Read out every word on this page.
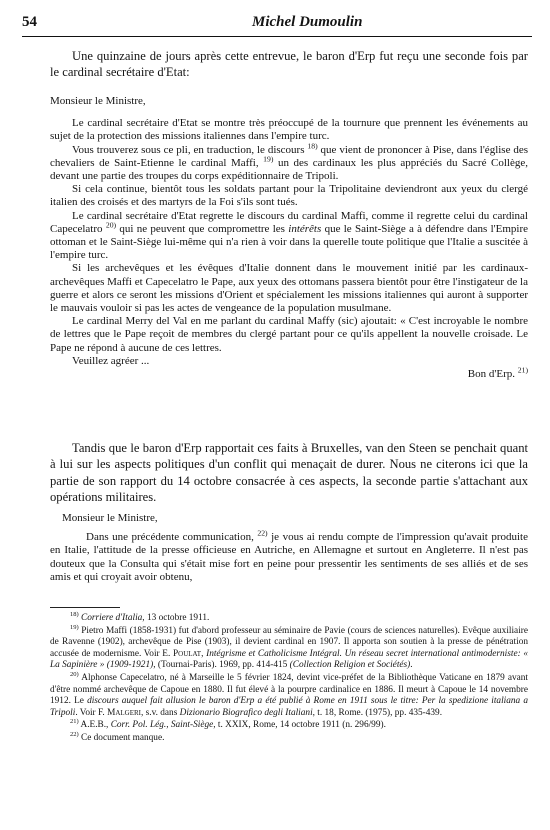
54	Michel Dumoulin

Une quinzaine de jours après cette entrevue, le baron d'Erp fut reçu une seconde fois par le cardinal secrétaire d'Etat:

Monsieur le Ministre,

Le cardinal secrétaire d'Etat se montre très préoccupé de la tournure que prennent les événements au sujet de la protection des missions italiennes dans l'empire turc.

Vous trouverez sous ce pli, en traduction, le discours $^{18)}$ que vient de prononcer à Pise, dans l'église des chevaliers de Saint-Etienne le cardinal Maffi, $^{19)}$ un des cardinaux les plus appréciés du Sacré Collège, devant une partie des troupes du corps expéditionnaire de Tripoli.

Si cela continue, bientôt tous les soldats partant pour la Tripolitaine deviendront aux yeux du clergé italien des croisés et des martyrs de la Foi s'ils sont tués.

Le cardinal secrétaire d'Etat regrette le discours du cardinal Maffi, comme il regrette celui du cardinal Capecelatro $^{20)}$ qui ne peuvent que compromettre les intérêts que le Saint-Siège a à défendre dans l'Empire ottoman et le Saint-Siège lui-même qui n'a rien à voir dans la querelle toute politique que l'Italie a suscitée à l'empire turc.

Si les archevêques et les évêques d'Italie donnent dans le mouvement initié par les cardinaux-archevêques Maffi et Capecelatro le Pape, aux yeux des ottomans passera bientôt pour être l'instigateur de la guerre et alors ce seront les missions d'Orient et spécialement les missions italiennes qui auront à supporter le mauvais vouloir si pas les actes de vengeance de la population musulmane.

Le cardinal Merry del Val en me parlant du cardinal Maffy (sic) ajoutait: « C'est incroyable le nombre de lettres que le Pape reçoit de membres du clergé partant pour ce qu'ils appellent la nouvelle croisade. Le Pape ne répond à aucune de ces lettres.

Veuillez agréer ...

Bon d'Erp. $^{21)}$

Tandis que le baron d'Erp rapportait ces faits à Bruxelles, van den Steen se penchait quant à lui sur les aspects politiques d'un conflit qui menaçait de durer. Nous ne citerons ici que la partie de son rapport du 14 octobre consacrée à ces aspects, la seconde partie s'attachant aux opérations militaires.

Monsieur le Ministre,

Dans une précédente communication, $^{22)}$ je vous ai rendu compte de l'impression qu'avait produite en Italie, l'attitude de la presse officieuse en Autriche, en Allemagne et surtout en Angleterre. Il n'est pas douteux que la Consulta qui s'était mise fort en peine pour pressentir les sentiments de ses alliés et de ses amis et qui croyait avoir obtenu,

$^{18)}$ Corriere d'Italia, 13 octobre 1911.

$^{19)}$ Pietro Maffi (1858-1931) fut d'abord professeur au séminaire de Pavie (cours de sciences naturelles). Evêque auxiliaire de Ravenne (1902), archevêque de Pise (1903), il devient cardinal en 1907. Il apporta son soutien à la presse de pénétration accusée de modernisme. Voir E. Poulat, Intégrisme et Catholicisme Intégral. Un réseau secret international antimoderniste: « La Sapinière » (1909-1921), (Tournai-Paris). 1969, pp. 414-415 (Collection Religion et Sociétés).

$^{20)}$ Alphonse Capecelatro, né à Marseille le 5 février 1824, devint vice-préfet de la Bibliothèque Vaticane en 1879 avant d'être nommé archevêque de Capoue en 1880. Il fut élevé à la pourpre cardinalice en 1886. Il meurt à Capoue le 14 novembre 1912. Le discours auquel fait allusion le baron d'Erp a été publié à Rome en 1911 sous le titre: Per la spedizione italiana a Tripoli. Voir F. Malgeri, s.v. dans Dizionario Biografico degli Italiani, t. 18, Rome. (1975), pp. 435-439.

$^{21)}$ A.E.B., Corr. Pol. Lég., Saint-Siège, t. XXIX, Rome, 14 octobre 1911 (n. 296/99).

$^{22)}$ Ce document manque.
